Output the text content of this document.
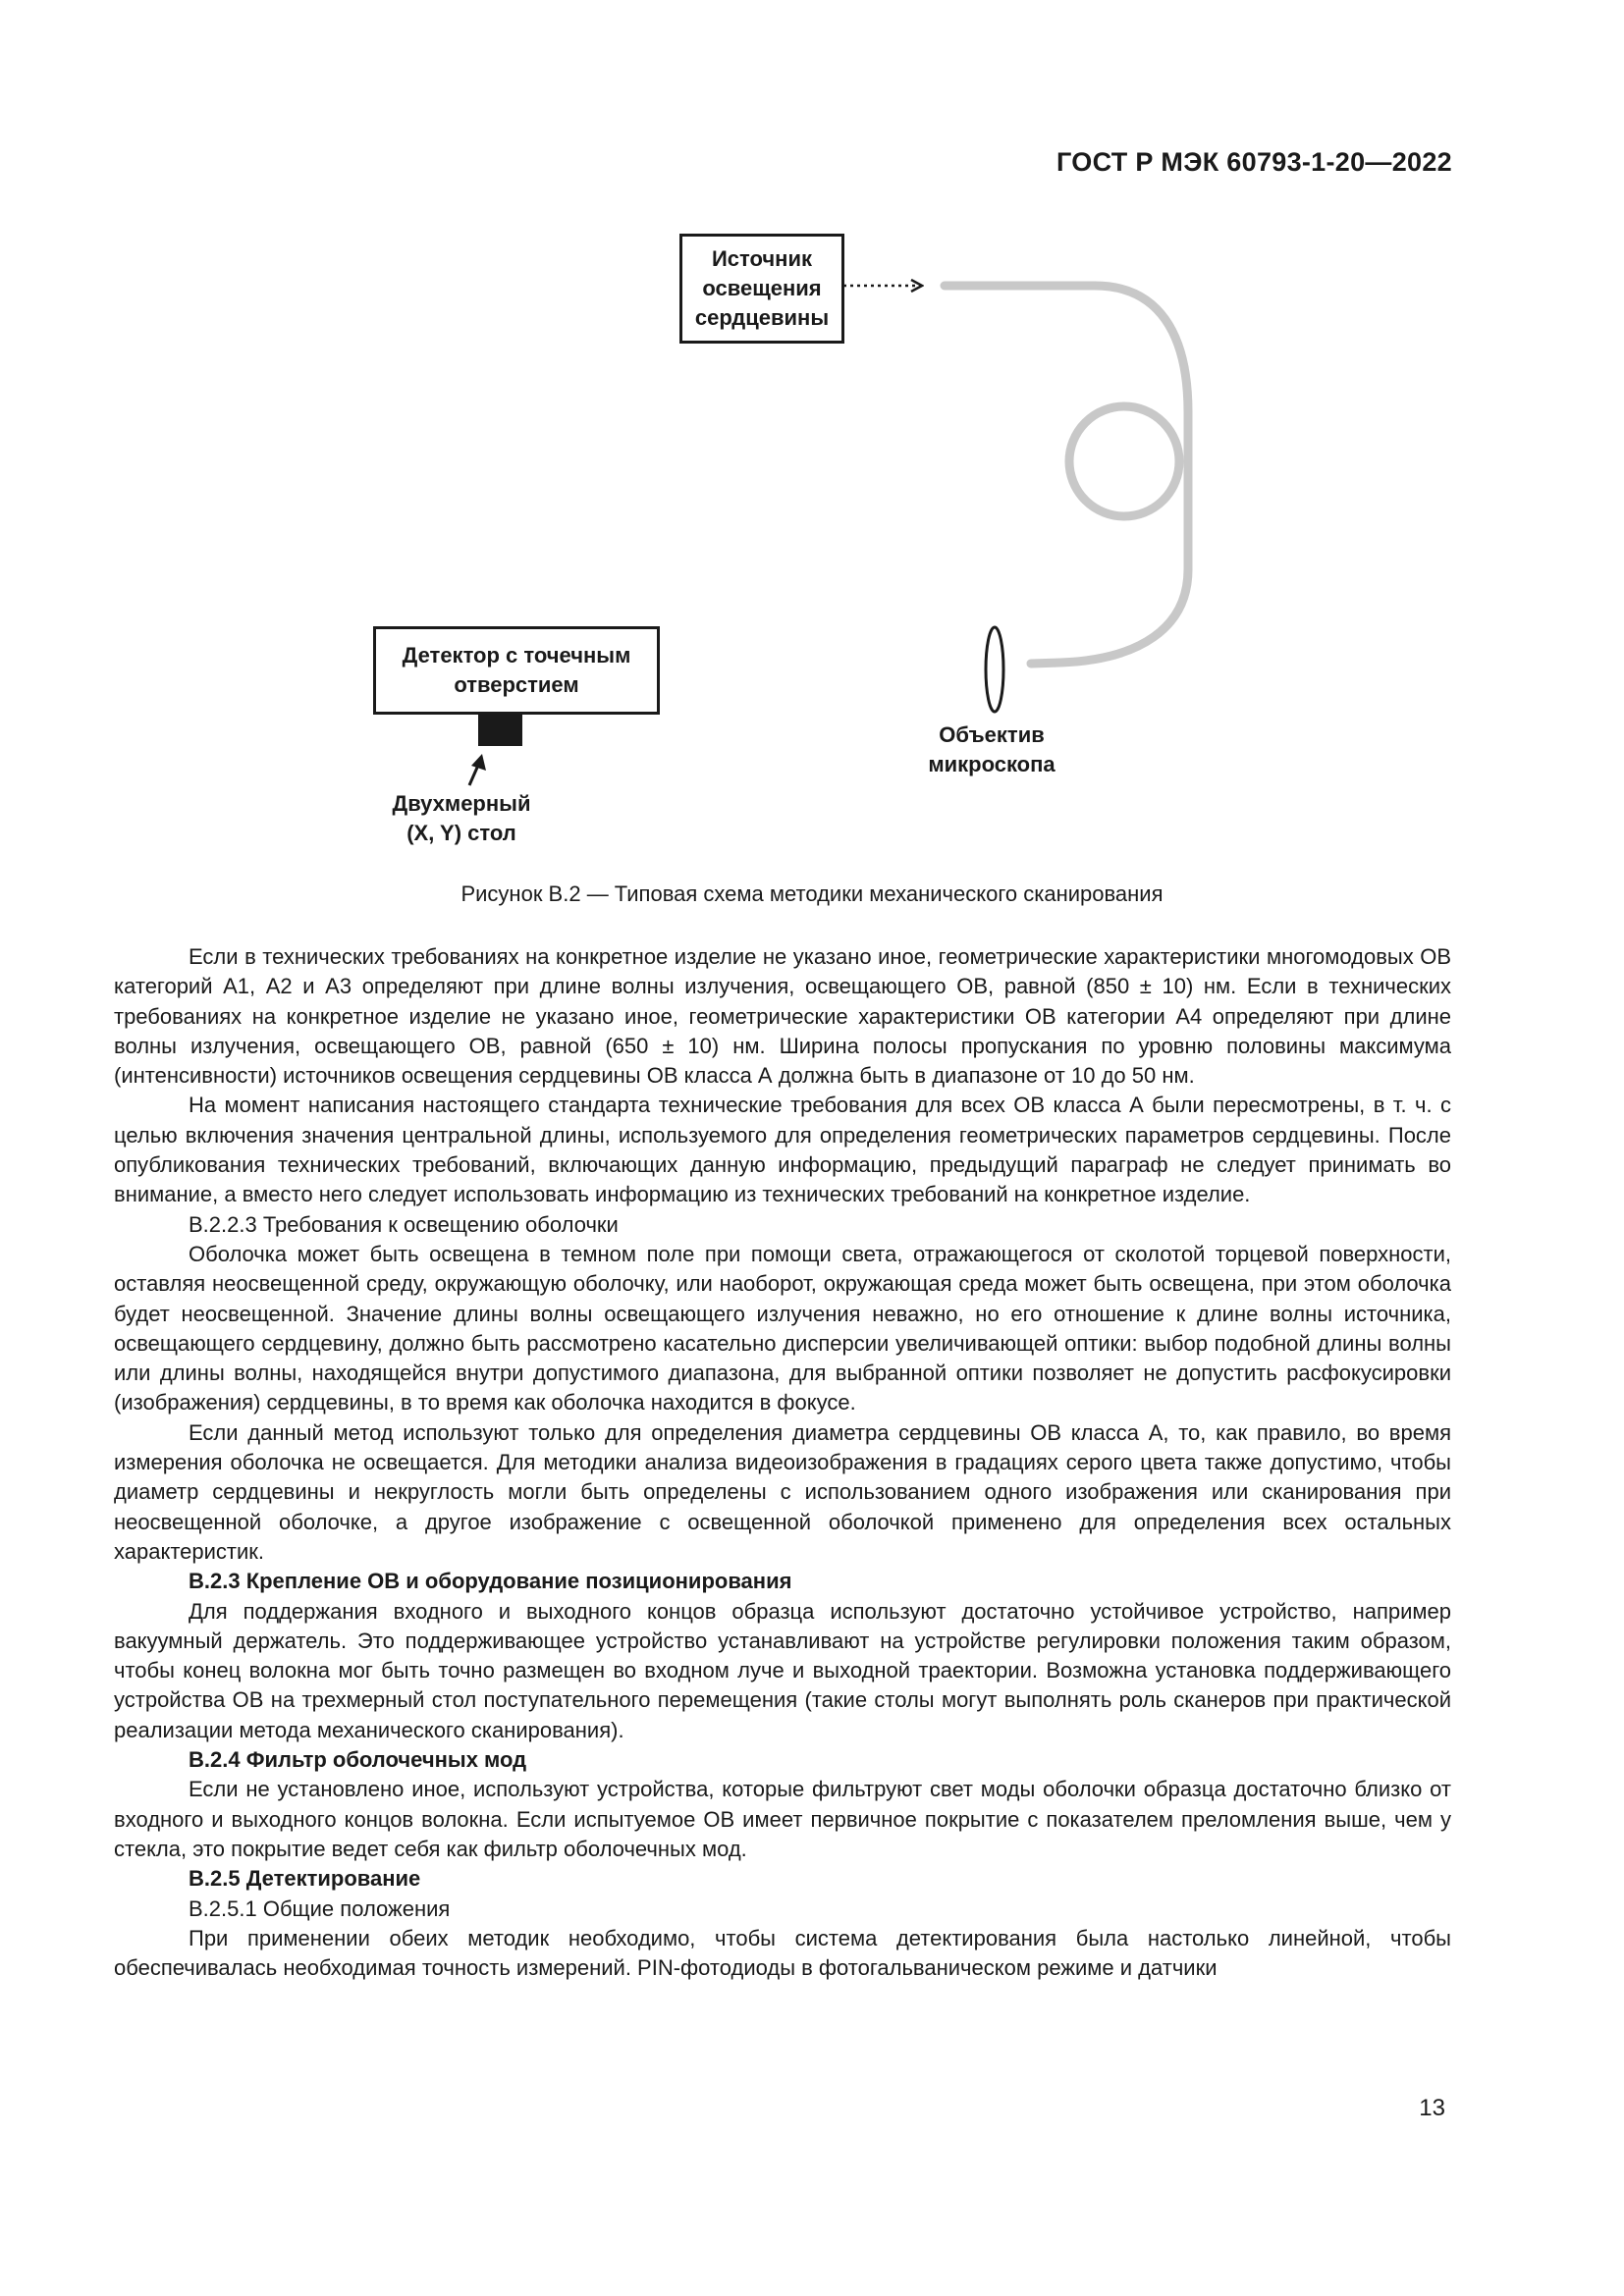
ГОСТ Р МЭК 60793-1-20—2022
Источник
освещения
сердцевины
Детектор с точечным
отверстием
Двухмерный
(X, Y) стол
Объектив
микроскопа
Рисунок В.2 — Типовая схема методики механического сканирования

Если в технических требованиях на конкретное изделие не указано иное, геометрические характеристики многомодовых ОВ категорий А1, А2 и А3 определяют при длине волны излучения, освещающего ОВ, равной (850 ± 10) нм. Если в технических требованиях на конкретное изделие не указано иное, геометрические характеристики ОВ категории А4 определяют при длине волны излучения, освещающего ОВ, равной (650 ± 10) нм. Ширина полосы пропускания по уровню половины максимума (интенсивности) источников освещения сердцевины ОВ класса А должна быть в диапазоне от 10 до 50 нм.

На момент написания настоящего стандарта технические требования для всех ОВ класса А были пересмотрены, в т. ч. с целью включения значения центральной длины, используемого для определения геометрических параметров сердцевины. После опубликования технических требований, включающих данную информацию, предыдущий параграф не следует принимать во внимание, а вместо него следует использовать информацию из технических требований на конкретное изделие.

В.2.2.3 Требования к освещению оболочки

Оболочка может быть освещена в темном поле при помощи света, отражающегося от сколотой торцевой поверхности, оставляя неосвещенной среду, окружающую оболочку, или наоборот, окружающая среда может быть освещена, при этом оболочка будет неосвещенной. Значение длины волны освещающего излучения неважно, но его отношение к длине волны источника, освещающего сердцевину, должно быть рассмотрено касательно дисперсии увеличивающей оптики: выбор подобной длины волны или длины волны, находящейся внутри допустимого диапазона, для выбранной оптики позволяет не допустить расфокусировки (изображения) сердцевины, в то время как оболочка находится в фокусе.

Если данный метод используют только для определения диаметра сердцевины ОВ класса А, то, как правило, во время измерения оболочка не освещается. Для методики анализа видеоизображения в градациях серого цвета также допустимо, чтобы диаметр сердцевины и некруглость могли быть определены с использованием одного изображения или сканирования при неосвещенной оболочке, а другое изображение с освещенной оболочкой применено для определения всех остальных характеристик.

В.2.3 Крепление ОВ и оборудование позиционирования

Для поддержания входного и выходного концов образца используют достаточно устойчивое устройство, например вакуумный держатель. Это поддерживающее устройство устанавливают на устройстве регулировки положения таким образом, чтобы конец волокна мог быть точно размещен во входном луче и выходной траектории. Возможна установка поддерживающего устройства ОВ на трехмерный стол поступательного перемещения (такие столы могут выполнять роль сканеров при практической реализации метода механического сканирования).

В.2.4 Фильтр оболочечных мод

Если не установлено иное, используют устройства, которые фильтруют свет моды оболочки образца достаточно близко от входного и выходного концов волокна. Если испытуемое ОВ имеет первичное покрытие с показателем преломления выше, чем у стекла, это покрытие ведет себя как фильтр оболочечных мод.

В.2.5 Детектирование

В.2.5.1 Общие положения

При применении обеих методик необходимо, чтобы система детектирования была настолько линейной, чтобы обеспечивалась необходимая точность измерений. PIN-фотодиоды в фотогальваническом режиме и датчики

13
